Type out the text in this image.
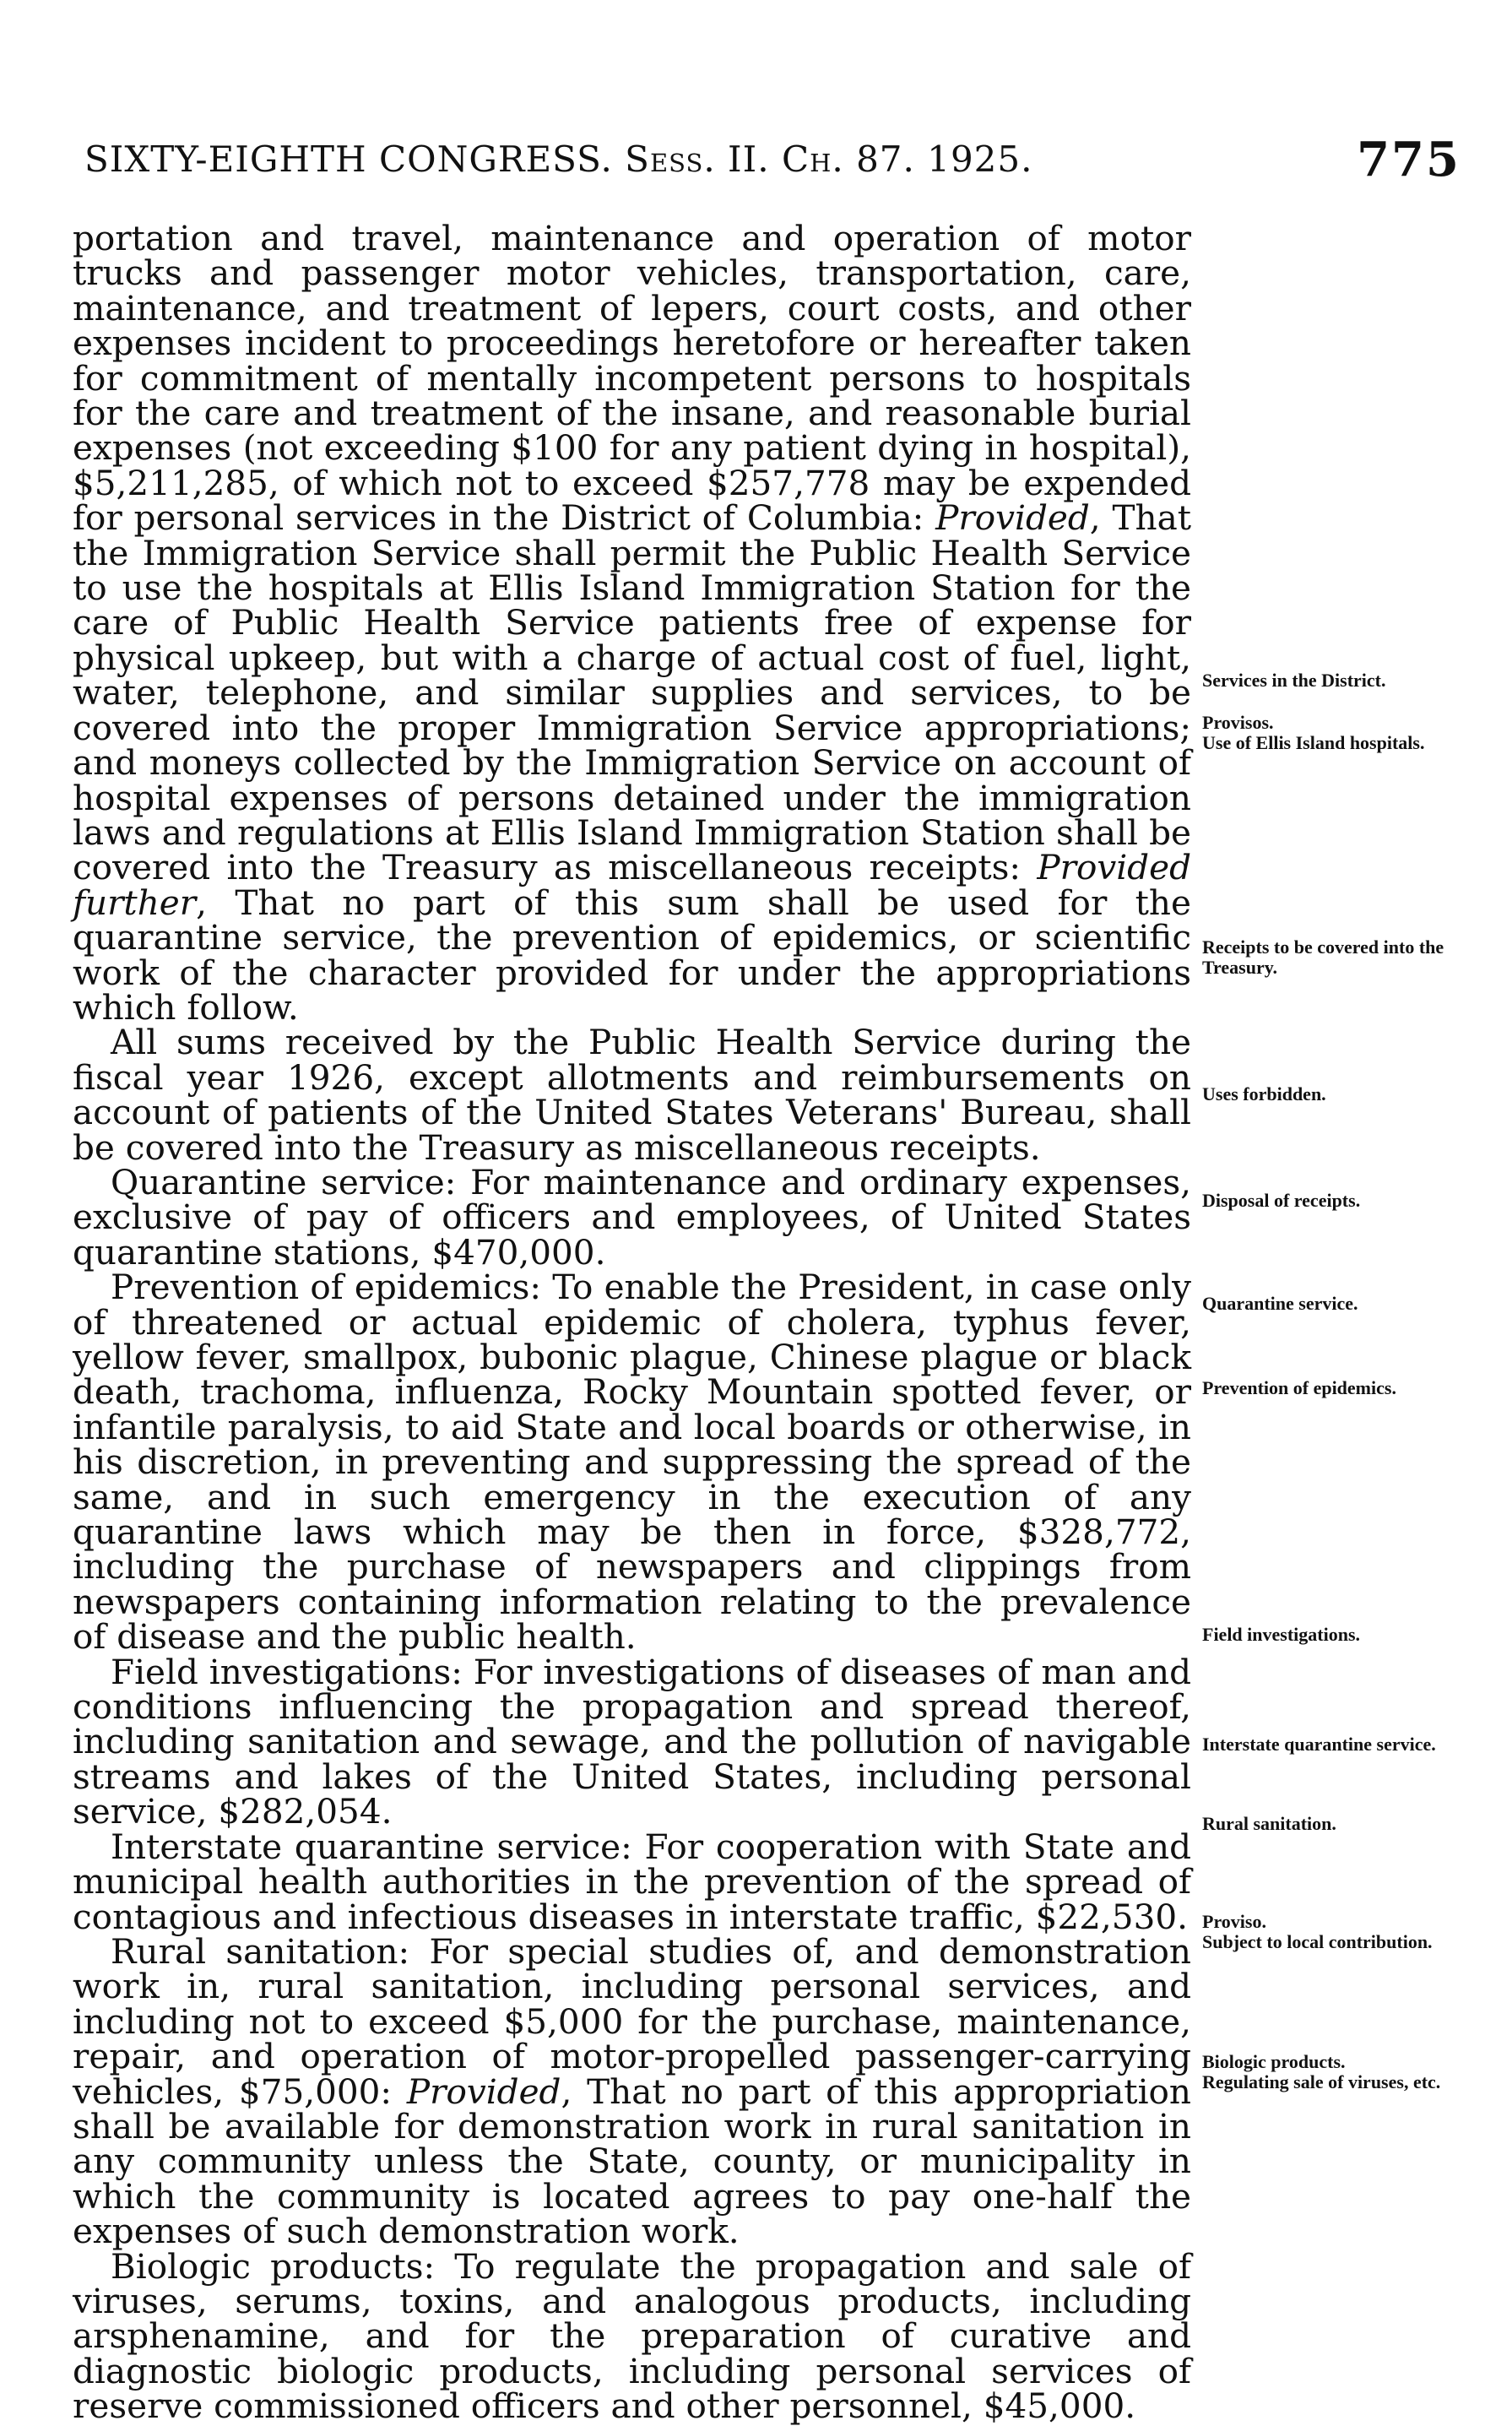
SIXTY-EIGHTH CONGRESS. Sess. II. Ch. 87. 1925.	775

portation and travel, maintenance and operation of motor trucks and passenger motor vehicles, transportation, care, maintenance, and treatment of lepers, court costs, and other expenses incident to proceedings heretofore or hereafter taken for commitment of mentally incompetent persons to hospitals for the care and treatment of the insane, and reasonable burial expenses (not exceeding $100 for any patient dying in hospital), $5,211,285, of which not to exceed $257,778 may be expended for personal services in the District of Columbia: Provided, That the Immigration Service shall permit the Public Health Service to use the hospitals at Ellis Island Immigration Station for the care of Public Health Service patients free of expense for physical upkeep, but with a charge of actual cost of fuel, light, water, telephone, and similar supplies and services, to be covered into the proper Immigration Service appropriations; and moneys collected by the Immigration Service on account of hospital expenses of persons detained under the immigration laws and regulations at Ellis Island Immigration Station shall be covered into the Treasury as miscellaneous receipts: Provided further, That no part of this sum shall be used for the quarantine service, the prevention of epidemics, or scientific work of the character provided for under the appropriations which follow.

All sums received by the Public Health Service during the fiscal year 1926, except allotments and reimbursements on account of patients of the United States Veterans' Bureau, shall be covered into the Treasury as miscellaneous receipts.

Quarantine service: For maintenance and ordinary expenses, exclusive of pay of officers and employees, of United States quarantine stations, $470,000.

Prevention of epidemics: To enable the President, in case only of threatened or actual epidemic of cholera, typhus fever, yellow fever, smallpox, bubonic plague, Chinese plague or black death, trachoma, influenza, Rocky Mountain spotted fever, or infantile paralysis, to aid State and local boards or otherwise, in his discretion, in preventing and suppressing the spread of the same, and in such emergency in the execution of any quarantine laws which may be then in force, $328,772, including the purchase of newspapers and clippings from newspapers containing information relating to the prevalence of disease and the public health.

Field investigations: For investigations of diseases of man and conditions influencing the propagation and spread thereof, including sanitation and sewage, and the pollution of navigable streams and lakes of the United States, including personal service, $282,054.

Interstate quarantine service: For cooperation with State and municipal health authorities in the prevention of the spread of contagious and infectious diseases in interstate traffic, $22,530.

Rural sanitation: For special studies of, and demonstration work in, rural sanitation, including personal services, and including not to exceed $5,000 for the purchase, maintenance, repair, and operation of motor-propelled passenger-carrying vehicles, $75,000: Provided, That no part of this appropriation shall be available for demonstration work in rural sanitation in any community unless the State, county, or municipality in which the community is located agrees to pay one-half the expenses of such demonstration work.

Biologic products: To regulate the propagation and sale of viruses, serums, toxins, and analogous products, including arsphenamine, and for the preparation of curative and diagnostic biologic products, including personal services of reserve commissioned officers and other personnel, $45,000.

Services in the District.
Provisos.
Use of Ellis Island hospitals.
Receipts to be covered into the Treasury.
Uses forbidden.
Disposal of receipts.
Quarantine service.
Prevention of epidemics.
Field investigations.
Interstate quarantine service.
Rural sanitation.
Proviso.
Subject to local contribution.
Biologic products.
Regulating sale of viruses, etc.
